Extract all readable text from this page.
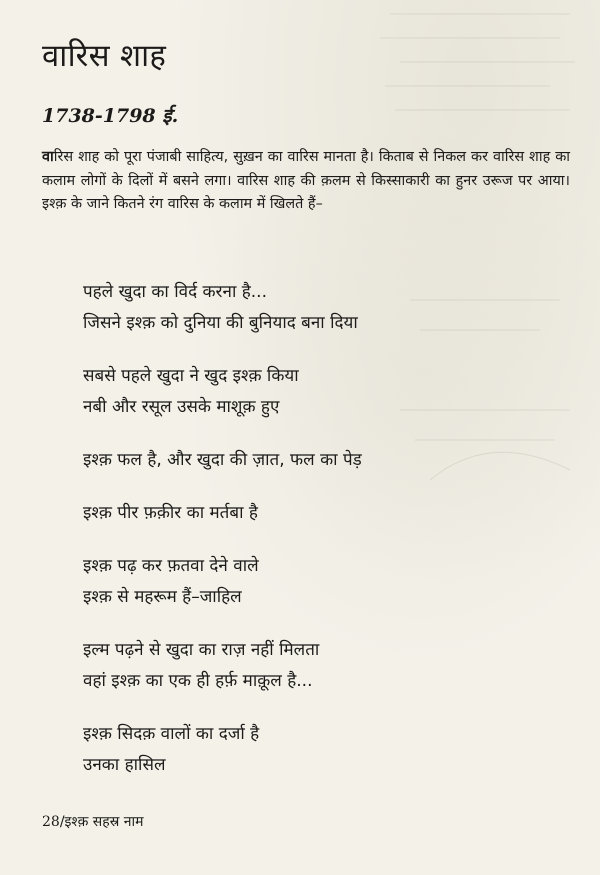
वारिस शाह

1738-1798 ई.

वारिस शाह को पूरा पंजाबी साहित्य, सुख़न का वारिस मानता है। किताब से निकल कर वारिस शाह का कलाम लोगों के दिलों में बसने लगा। वारिस शाह की क़लम से किस्साकारी का हुनर उरूज पर आया। इश्क़ के जाने कितने रंग वारिस के कलाम में खिलते हैं–

पहले खुदा का विर्द करना है...
जिसने इश्क़ को दुनिया की बुनियाद बना दिया
सबसे पहले खुदा ने खुद इश्क़ किया
नबी और रसूल उसके माशूक़ हुए
इश्क़ फल है, और खुदा की ज़ात, फल का पेड़
इश्क़ पीर फ़क़ीर का मर्तबा है
इश्क़ पढ़ कर फ़तवा देने वाले
इश्क़ से महरूम हैं–जाहिल
इल्म पढ़ने से खुदा का राज़ नहीं मिलता
वहां इश्क़ का एक ही हर्फ़ माक़ूल है...
इश्क़ सिदक़ वालों का दर्जा है
उनका हासिल

28/इश्क़ सहस्र नाम
